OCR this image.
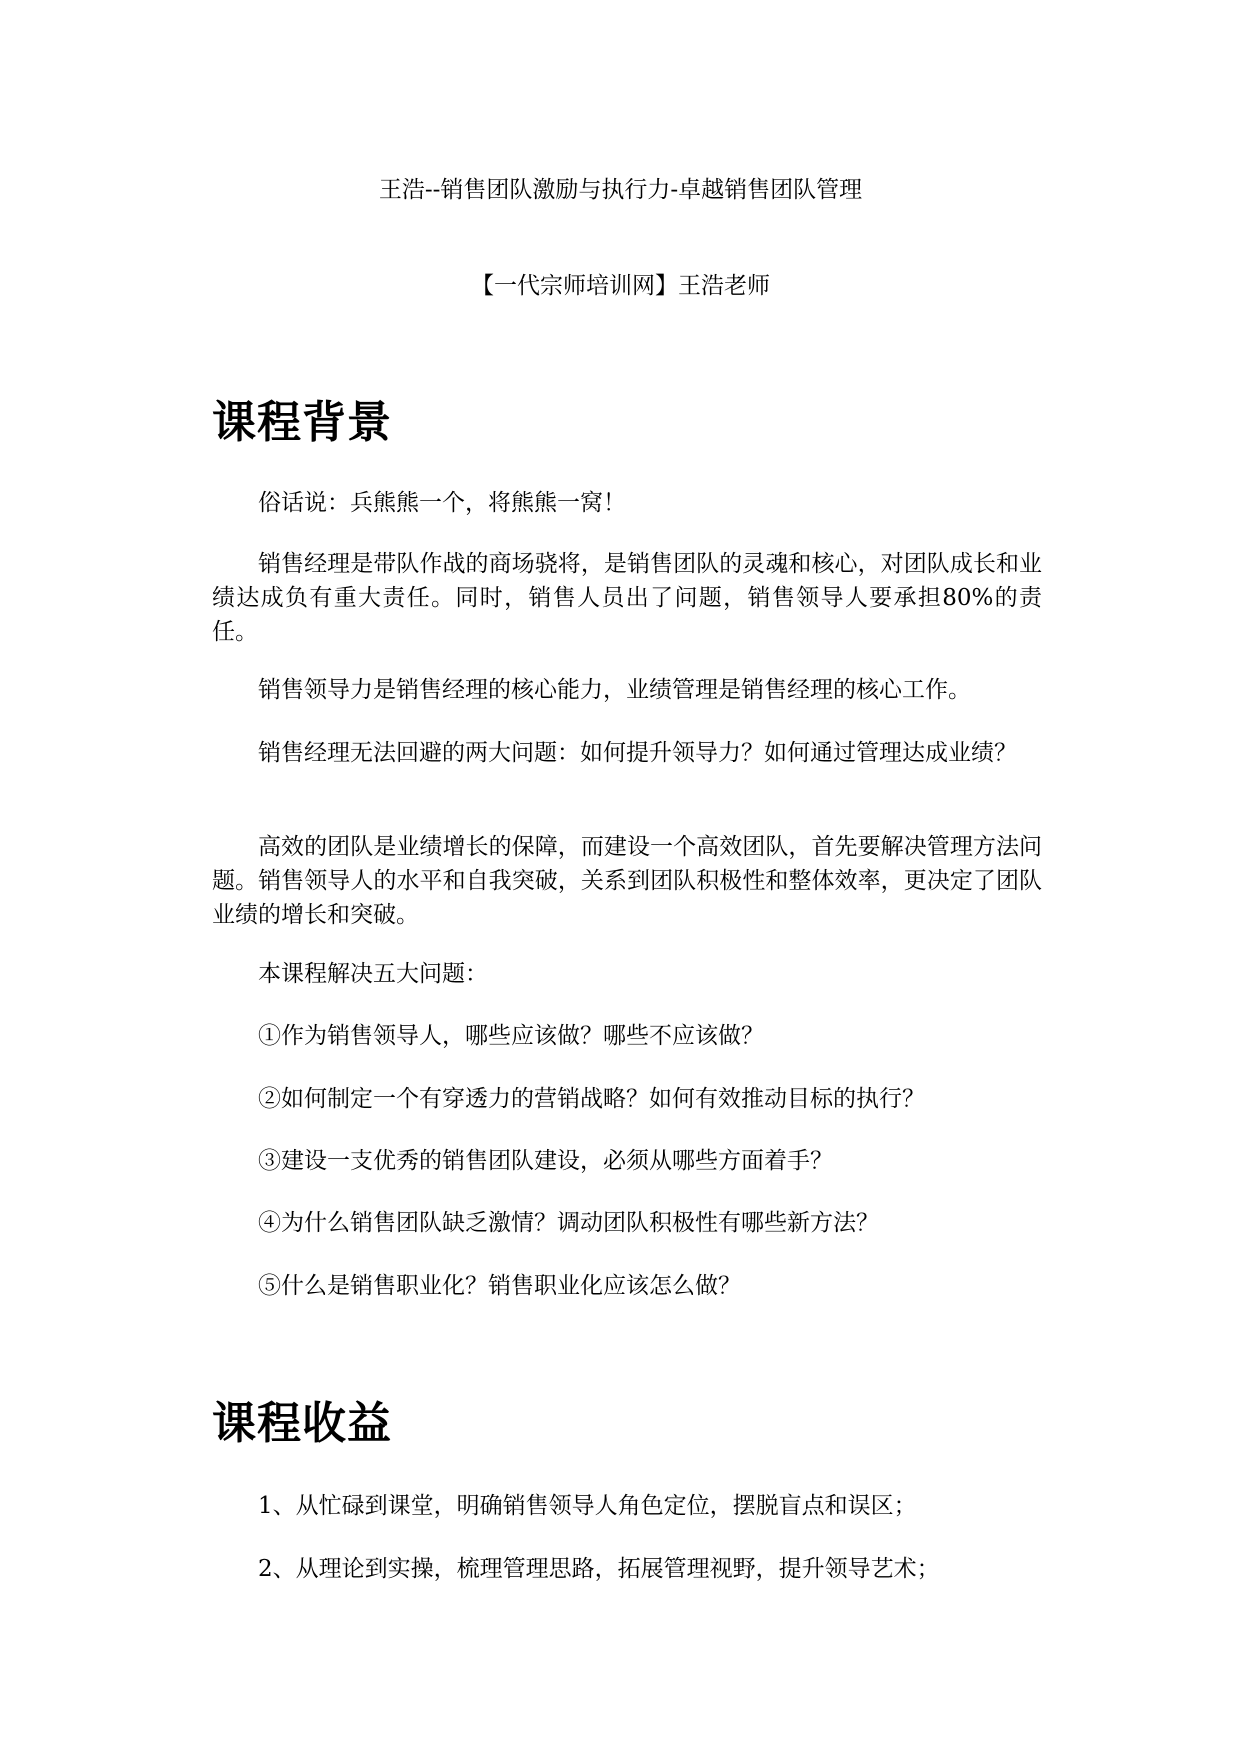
王浩--销售团队激励与执行力-卓越销售团队管理
【一代宗师培训网】王浩老师
课程背景

俗话说：兵熊熊一个，将熊熊一窝！

销售经理是带队作战的商场骁将，是销售团队的灵魂和核心，对团队成长和业绩达成负有重大责任。同时，销售人员出了问题，销售领导人要承担80%的责任。

销售领导力是销售经理的核心能力，业绩管理是销售经理的核心工作。

销售经理无法回避的两大问题：如何提升领导力？如何通过管理达成业绩？

高效的团队是业绩增长的保障，而建设一个高效团队，首先要解决管理方法问题。销售领导人的水平和自我突破，关系到团队积极性和整体效率，更决定了团队业绩的增长和突破。

本课程解决五大问题：

①作为销售领导人，哪些应该做？哪些不应该做？

②如何制定一个有穿透力的营销战略？如何有效推动目标的执行？

③建设一支优秀的销售团队建设，必须从哪些方面着手？

④为什么销售团队缺乏激情？调动团队积极性有哪些新方法？

⑤什么是销售职业化？销售职业化应该怎么做？

课程收益

1、从忙碌到课堂，明确销售领导人角色定位，摆脱盲点和误区；

2、从理论到实操，梳理管理思路，拓展管理视野，提升领导艺术；
